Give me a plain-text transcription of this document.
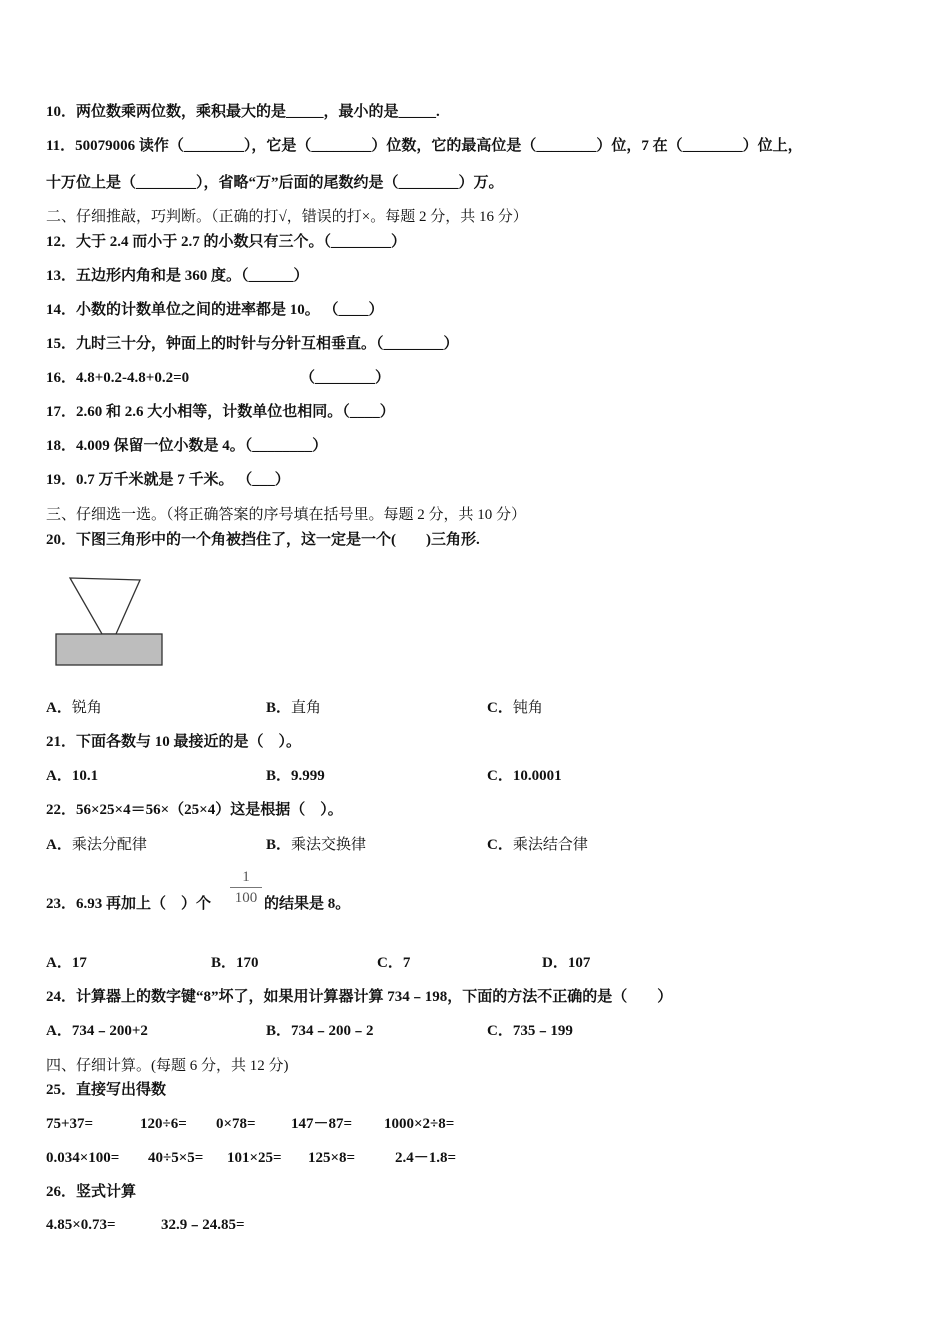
10．两位数乘两位数，乘积最大的是_____，最小的是_____.
11．50079006 读作（________），它是（________）位数，它的最高位是（________）位，7 在（________）位上，
十万位上是（________），省略“万”后面的尾数约是（________）万。
二、仔细推敲，巧判断。（正确的打√，错误的打×。每题 2 分，共 16 分）
12．大于 2.4 而小于 2.7 的小数只有三个。（________）
13．五边形内角和是 360 度。（______）
14．小数的计数单位之间的进率都是 10。 （____）
15．九时三十分，钟面上的时针与分针互相垂直。（________）
16．4.8+0.2-4.8+0.2=0	（________）
17．2.60 和 2.6 大小相等，计数单位也相同。（____）
18．4.009 保留一位小数是 4。（________）
19．0.7 万千米就是 7 千米。 （___）
三、仔细选一选。（将正确答案的序号填在括号里。每题 2 分，共 10 分）
20．下图三角形中的一个角被挡住了，这一定是一个(　　)三角形.
A．锐角	B．直角	C．钝角
21．下面各数与 10 最接近的是（　）。
A．10.1	B．9.999	C．10.0001
22．56×25×4＝56×（25×4）这是根据（　）。
A．乘法分配律	B．乘法交换律	C．乘法结合律
23．6.93 再加上（　）个
1
100 的结果是 8。
A．17	B．170	C．7	D．107
24．计算器上的数字键“8”坏了，如果用计算器计算 734﹣198，下面的方法不正确的是（　　）
A．734﹣200+2	B．734﹣200﹣2	C．735﹣199
四、仔细计算。(每题 6 分，共 12 分)
25．直接写出得数
75+37=	120÷6= 0×78= 147－87= 1000×2÷8=
0.034×100= 40÷5×5= 101×25= 125×8=	2.4－1.8=
26．竖式计算
4.85×0.73=	32.9﹣24.85=
